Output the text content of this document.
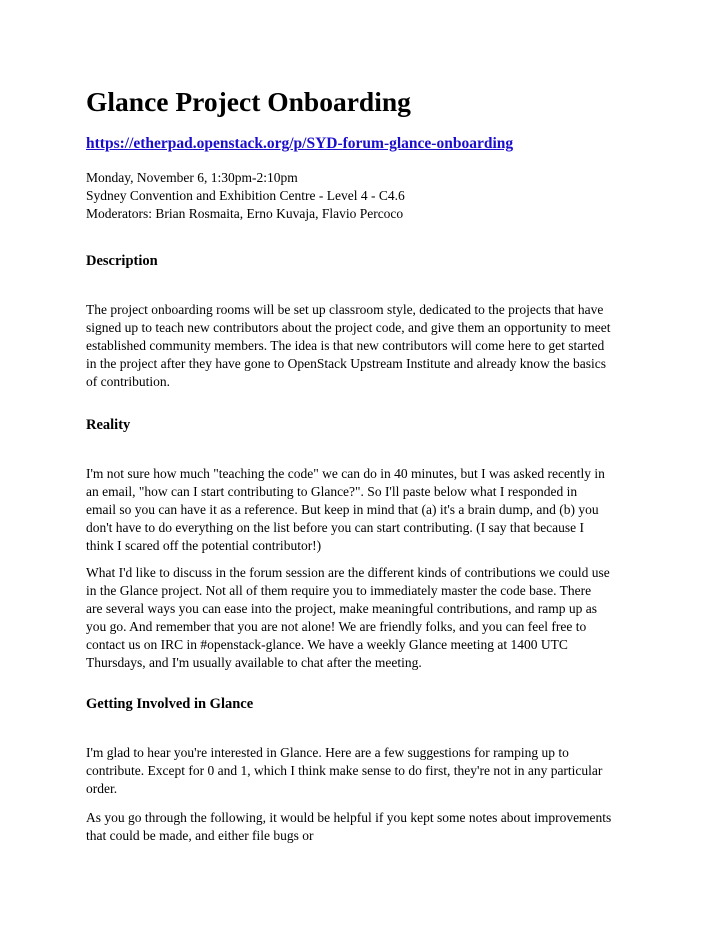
Glance Project Onboarding
https://etherpad.openstack.org/p/SYD-forum-glance-onboarding
Monday, November 6, 1:30pm-2:10pm
Sydney Convention and Exhibition Centre - Level 4 - C4.6
Moderators: Brian Rosmaita, Erno Kuvaja, Flavio Percoco
Description

The project onboarding rooms will be set up classroom style, dedicated to the projects that have
signed up to teach new contributors about the project code, and give them an opportunity to meet
established community members. The idea is that new contributors will come here to get started
in the project after they have gone to OpenStack Upstream Institute and already know the basics
of contribution.

Reality

I'm not sure how much "teaching the code" we can do in 40 minutes, but I was asked recently in
an email, "how can I start contributing to Glance?". So I'll paste below what I responded in
email so you can have it as a reference. But keep in mind that (a) it's a brain dump, and (b) you
don't have to do everything on the list before you can start contributing. (I say that because I
think I scared off the potential contributor!)

What I'd like to discuss in the forum session are the different kinds of contributions we could use
in the Glance project. Not all of them require you to immediately master the code base. There
are several ways you can ease into the project, make meaningful contributions, and ramp up as
you go. And remember that you are not alone! We are friendly folks, and you can feel free to
contact us on IRC in #openstack-glance. We have a weekly Glance meeting at 1400 UTC
Thursdays, and I'm usually available to chat after the meeting.

Getting Involved in Glance

I'm glad to hear you're interested in Glance. Here are a few suggestions for ramping up to
contribute. Except for 0 and 1, which I think make sense to do first, they're not in any particular
order.

As you go through the following, it would be helpful if you kept some notes about improvements
that could be made, and either file bugs or
